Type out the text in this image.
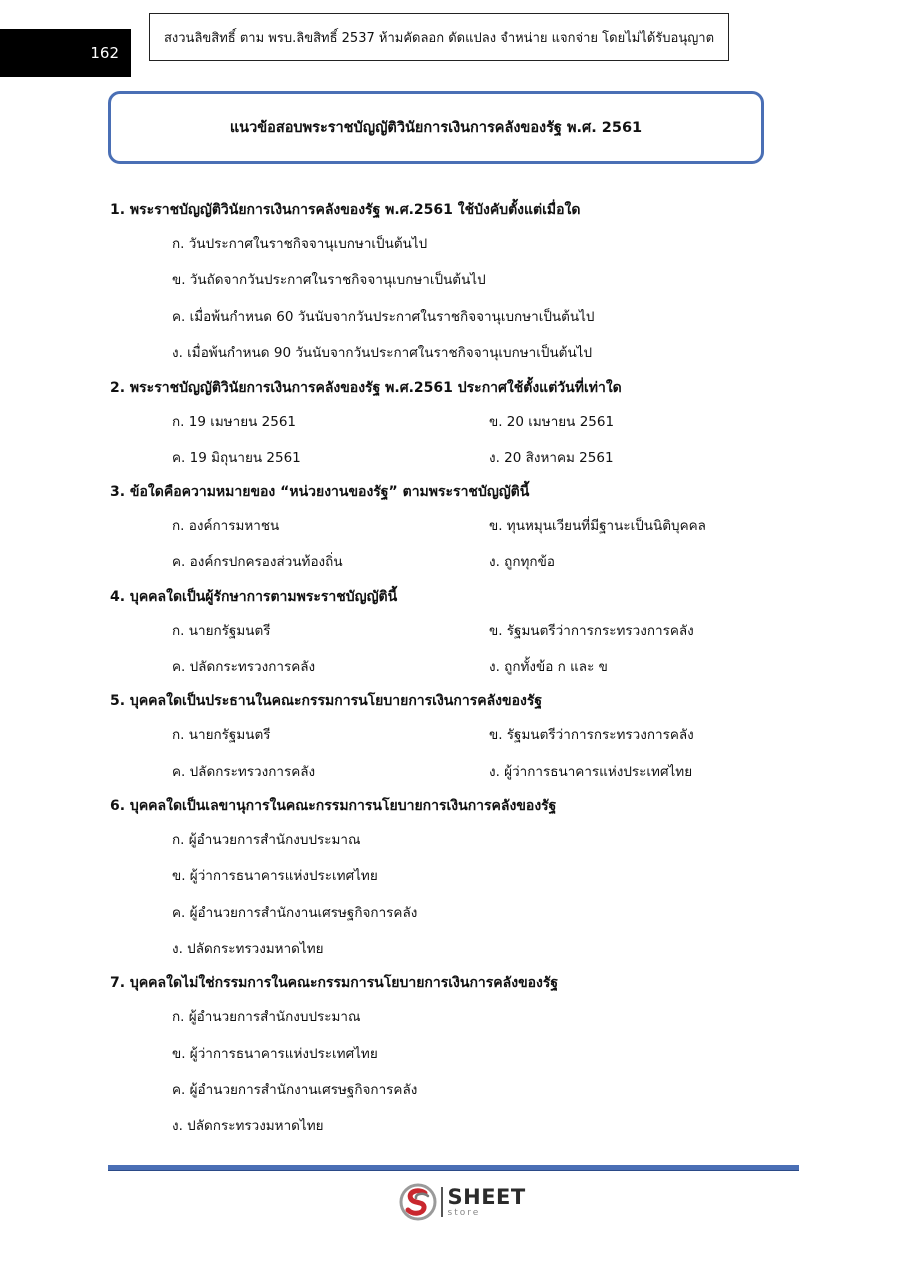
162
สงวนลิขสิทธิ์ ตาม พรบ.ลิขสิทธิ์ 2537 ห้ามคัดลอก ดัดแปลง จำหน่าย แจกจ่าย โดยไม่ได้รับอนุญาต
แนวข้อสอบพระราชบัญญัติวินัยการเงินการคลังของรัฐ พ.ศ. 2561
1. พระราชบัญญัติวินัยการเงินการคลังของรัฐ พ.ศ.2561 ใช้บังคับตั้งแต่เมื่อใด
ก. วันประกาศในราชกิจจานุเบกษาเป็นต้นไป
ข. วันถัดจากวันประกาศในราชกิจจานุเบกษาเป็นต้นไป
ค. เมื่อพ้นกำหนด 60 วันนับจากวันประกาศในราชกิจจานุเบกษาเป็นต้นไป
ง. เมื่อพ้นกำหนด 90 วันนับจากวันประกาศในราชกิจจานุเบกษาเป็นต้นไป
2. พระราชบัญญัติวินัยการเงินการคลังของรัฐ พ.ศ.2561 ประกาศใช้ตั้งแต่วันที่เท่าใด
ก. 19 เมษายน 2561	ข. 20 เมษายน 2561
ค. 19 มิถุนายน 2561	ง. 20 สิงหาคม 2561
3. ข้อใดคือความหมายของ “หน่วยงานของรัฐ” ตามพระราชบัญญัตินี้
ก. องค์การมหาชน	ข. ทุนหมุนเวียนที่มีฐานะเป็นนิติบุคคล
ค. องค์กรปกครองส่วนท้องถิ่น	ง. ถูกทุกข้อ
4. บุคคลใดเป็นผู้รักษาการตามพระราชบัญญัตินี้
ก. นายกรัฐมนตรี	ข. รัฐมนตรีว่าการกระทรวงการคลัง
ค. ปลัดกระทรวงการคลัง	ง. ถูกทั้งข้อ ก และ ข
5. บุคคลใดเป็นประธานในคณะกรรมการนโยบายการเงินการคลังของรัฐ
ก. นายกรัฐมนตรี	ข. รัฐมนตรีว่าการกระทรวงการคลัง
ค. ปลัดกระทรวงการคลัง	ง. ผู้ว่าการธนาคารแห่งประเทศไทย
6. บุคคลใดเป็นเลขานุการในคณะกรรมการนโยบายการเงินการคลังของรัฐ
ก. ผู้อำนวยการสำนักงบประมาณ
ข. ผู้ว่าการธนาคารแห่งประเทศไทย
ค. ผู้อำนวยการสำนักงานเศรษฐกิจการคลัง
ง. ปลัดกระทรวงมหาดไทย
7. บุคคลใดไม่ใช่กรรมการในคณะกรรมการนโยบายการเงินการคลังของรัฐ
ก. ผู้อำนวยการสำนักงบประมาณ
ข. ผู้ว่าการธนาคารแห่งประเทศไทย
ค. ผู้อำนวยการสำนักงานเศรษฐกิจการคลัง
ง. ปลัดกระทรวงมหาดไทย
SHEET
store
